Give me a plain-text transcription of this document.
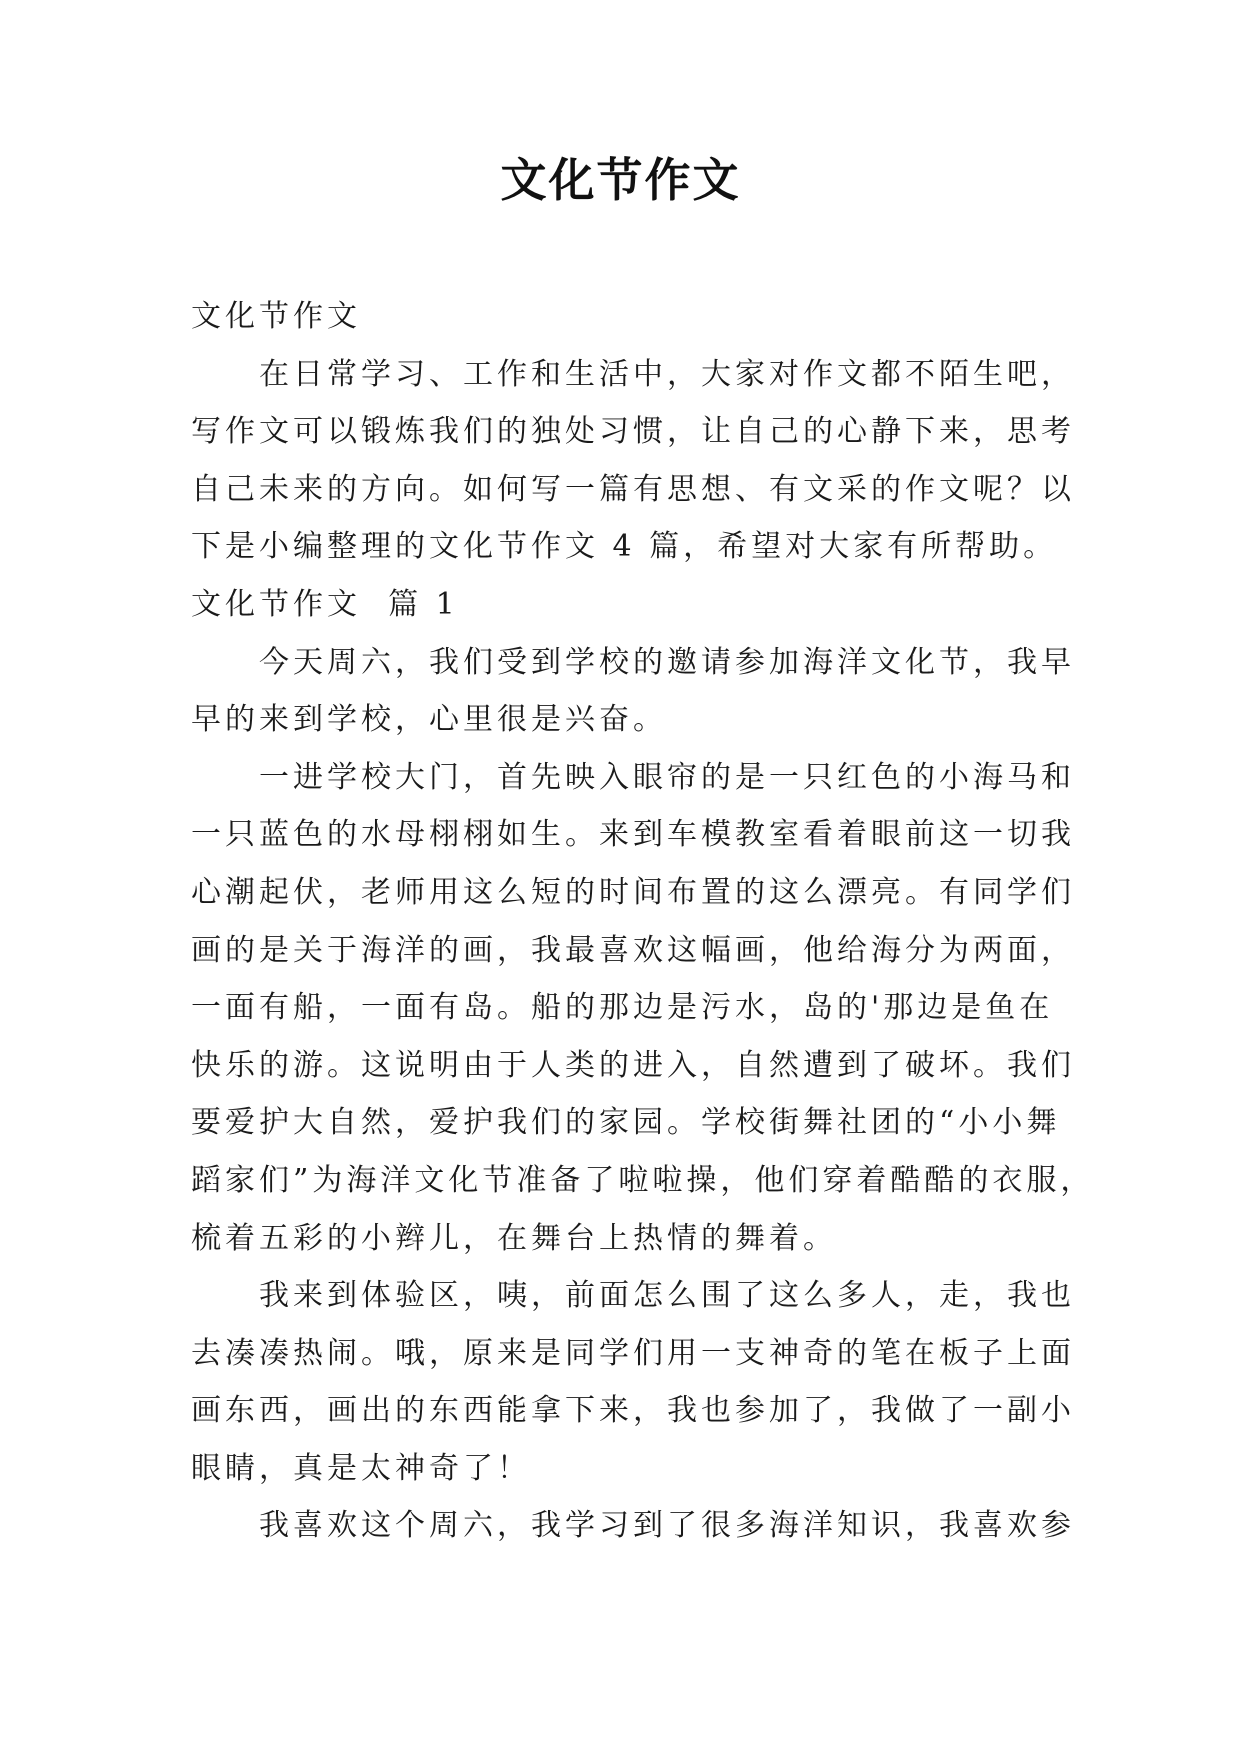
文化节作文

文化节作文

在日常学习、工作和生活中，大家对作文都不陌生吧，
写作文可以锻炼我们的独处习惯，让自己的心静下来，思考
自己未来的方向。如何写一篇有思想、有文采的作文呢？以
下是小编整理的文化节作文 4 篇，希望对大家有所帮助。

文化节作文  篇 1

今天周六，我们受到学校的邀请参加海洋文化节，我早
早的来到学校，心里很是兴奋。

一进学校大门，首先映入眼帘的是一只红色的小海马和
一只蓝色的水母栩栩如生。来到车模教室看着眼前这一切我
心潮起伏，老师用这么短的时间布置的这么漂亮。有同学们
画的是关于海洋的画，我最喜欢这幅画，他给海分为两面，
一面有船，一面有岛。船的那边是污水，岛的'那边是鱼在
快乐的游。这说明由于人类的进入，自然遭到了破坏。我们
要爱护大自然，爱护我们的家园。学校街舞社团的“小小舞
蹈家们”为海洋文化节准备了啦啦操，他们穿着酷酷的衣服，
梳着五彩的小辫儿，在舞台上热情的舞着。

我来到体验区，咦，前面怎么围了这么多人，走，我也
去凑凑热闹。哦，原来是同学们用一支神奇的笔在板子上面
画东西，画出的东西能拿下来，我也参加了，我做了一副小
眼睛，真是太神奇了！

我喜欢这个周六，我学习到了很多海洋知识，我喜欢参
